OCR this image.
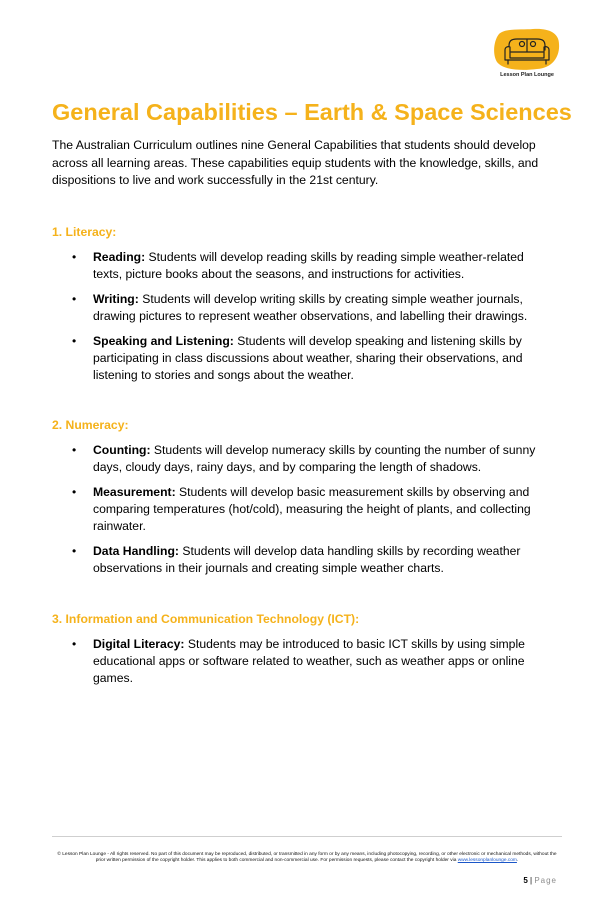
Lesson Plan Lounge
General Capabilities – Earth & Space Sciences

The Australian Curriculum outlines nine General Capabilities that students should develop across all learning areas. These capabilities equip students with the knowledge, skills, and dispositions to live and work successfully in the 21st century.

1. Literacy:
• Reading: Students will develop reading skills by reading simple weather-related texts, picture books about the seasons, and instructions for activities.
• Writing: Students will develop writing skills by creating simple weather journals, drawing pictures to represent weather observations, and labelling their drawings.
• Speaking and Listening: Students will develop speaking and listening skills by participating in class discussions about weather, sharing their observations, and listening to stories and songs about the weather.
2. Numeracy:
• Counting: Students will develop numeracy skills by counting the number of sunny days, cloudy days, rainy days, and by comparing the length of shadows.
• Measurement: Students will develop basic measurement skills by observing and comparing temperatures (hot/cold), measuring the height of plants, and collecting rainwater.
• Data Handling: Students will develop data handling skills by recording weather observations in their journals and creating simple weather charts.
3. Information and Communication Technology (ICT):
• Digital Literacy: Students may be introduced to basic ICT skills by using simple educational apps or software related to weather, such as weather apps or online games.
© Lesson Plan Lounge - All rights reserved. No part of this document may be reproduced, distributed, or transmitted in any form or by any means, including photocopying, recording, or other electronic or mechanical methods, without the prior written permission of the copyright holder. This applies to both commercial and non-commercial use. For permission requests, please contact the copyright holder via www.lessonplanlounge.com.
5 | Page
